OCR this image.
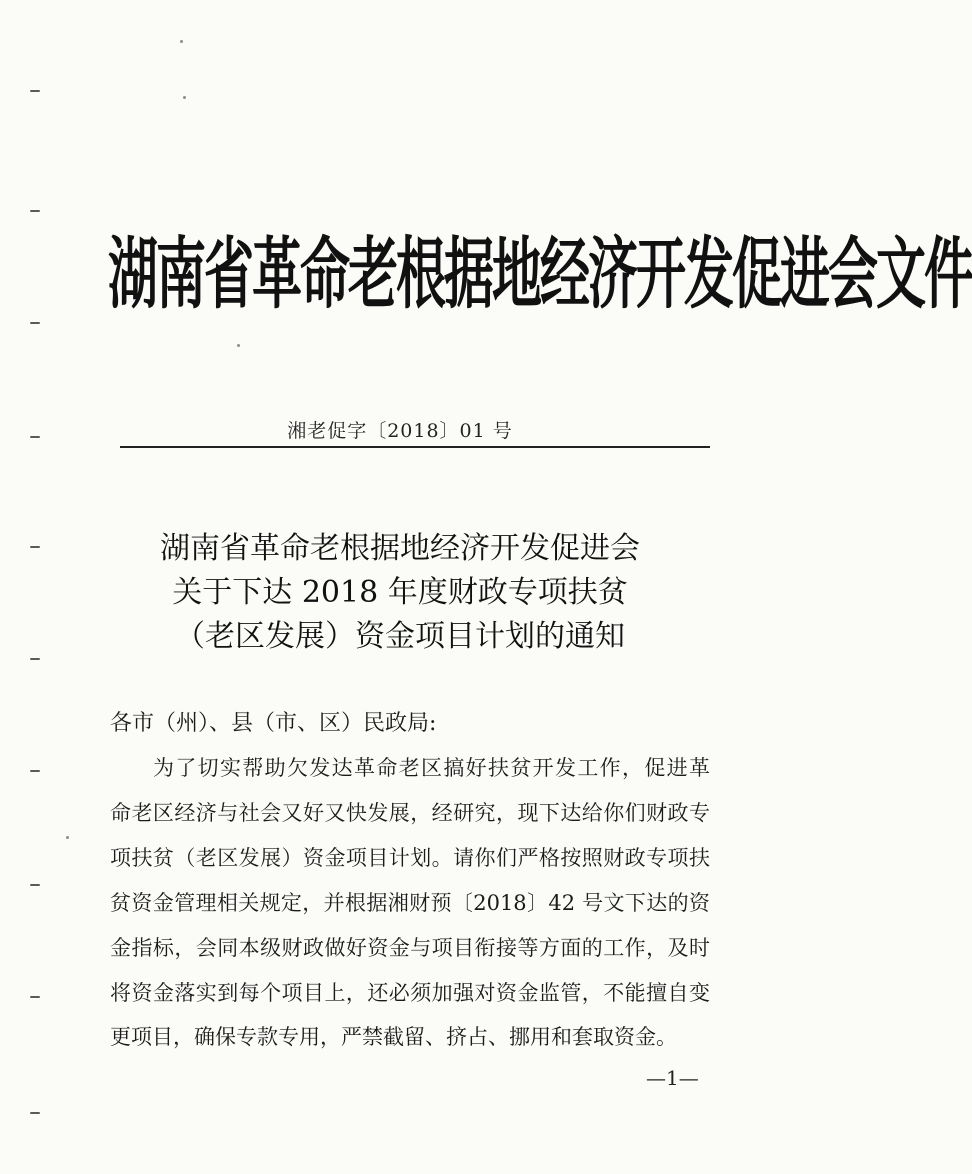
湖南省革命老根据地经济开发促进会文件
湘老促字〔2018〕01 号
湖南省革命老根据地经济开发促进会
关于下达 2018 年度财政专项扶贫
（老区发展）资金项目计划的通知
各市（州）、县（市、区）民政局:
为了切实帮助欠发达革命老区搞好扶贫开发工作，促进革
命老区经济与社会又好又快发展，经研究，现下达给你们财政专
项扶贫（老区发展）资金项目计划。请你们严格按照财政专项扶
贫资金管理相关规定，并根据湘财预〔2018〕42 号文下达的资
金指标，会同本级财政做好资金与项目衔接等方面的工作，及时
将资金落实到每个项目上，还必须加强对资金监管，不能擅自变
更项目，确保专款专用，严禁截留、挤占、挪用和套取资金。
—1—
